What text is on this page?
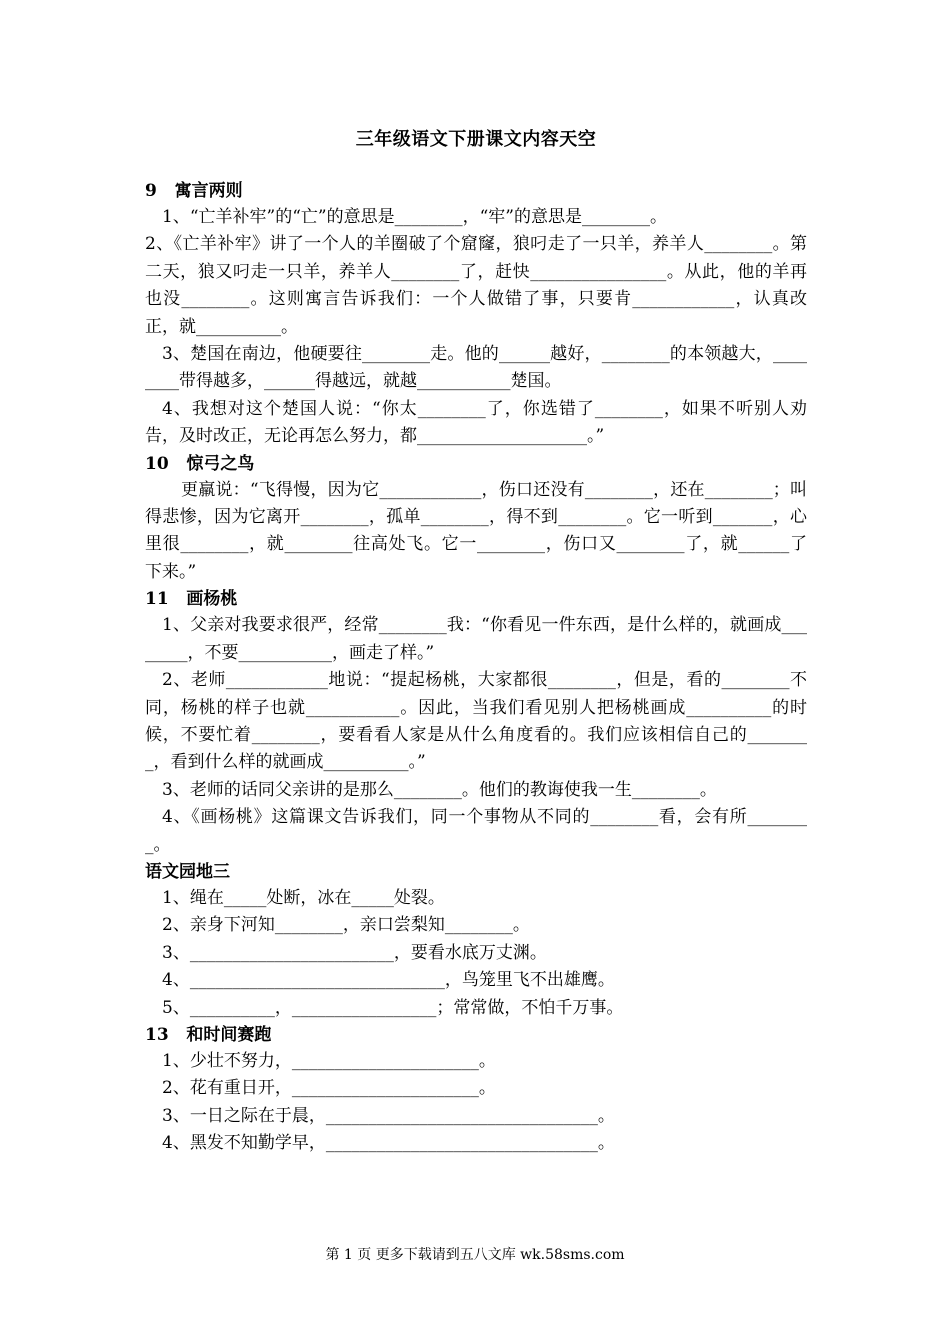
三年级语文下册课文内容天空
9   寓言两则

1、“亡羊补牢”的“亡”的意思是________，“牢”的意思是________。

2、《亡羊补牢》讲了一个人的羊圈破了个窟窿，狼叼走了一只羊，养羊人________。第二天，狼又叼走一只羊，养羊人________了，赶快________________。从此，他的羊再也没________。这则寓言告诉我们：一个人做错了事，只要肯____________，认真改正，就__________。

3、楚国在南边，他硬要往________走。他的______越好，________的本领越大，________带得越多，______得越远，就越___________楚国。

4、我想对这个楚国人说：“你太________了，你选错了________，如果不听别人劝告，及时改正，无论再怎么努力，都____________________。”

10   惊弓之鸟

更羸说：“飞得慢，因为它____________，伤口还没有________，还在________；叫得悲惨，因为它离开________，孤单________，得不到________。它一听到_______，心里很________，就________往高处飞。它一________，伤口又________了，就______了下来。”

11   画杨桃

1、父亲对我要求很严，经常________我：“你看见一件东西，是什么样的，就画成________，不要___________，画走了样。”

2、老师____________地说：“提起杨桃，大家都很________，但是，看的________不同，杨桃的样子也就___________。因此，当我们看见别人把杨桃画成__________的时候，不要忙着________，要看看人家是从什么角度看的。我们应该相信自己的________，看到什么样的就画成__________。”

3、老师的话同父亲讲的是那么________。他们的教诲使我一生________。

4、《画杨桃》这篇课文告诉我们，同一个事物从不同的________看，会有所________。

语文园地三

1、绳在_____处断，冰在_____处裂。

2、亲身下河知________，亲口尝梨知________。

3、________________________，要看水底万丈渊。

4、______________________________，鸟笼里飞不出雄鹰。

5、__________，_________________；常常做，不怕千万事。

13   和时间赛跑

1、少壮不努力，______________________。

2、花有重日开，______________________。

3、一日之际在于晨，________________________________。

4、黑发不知勤学早，________________________________。

第 1 页 更多下载请到五八文库 wk.58sms.com
